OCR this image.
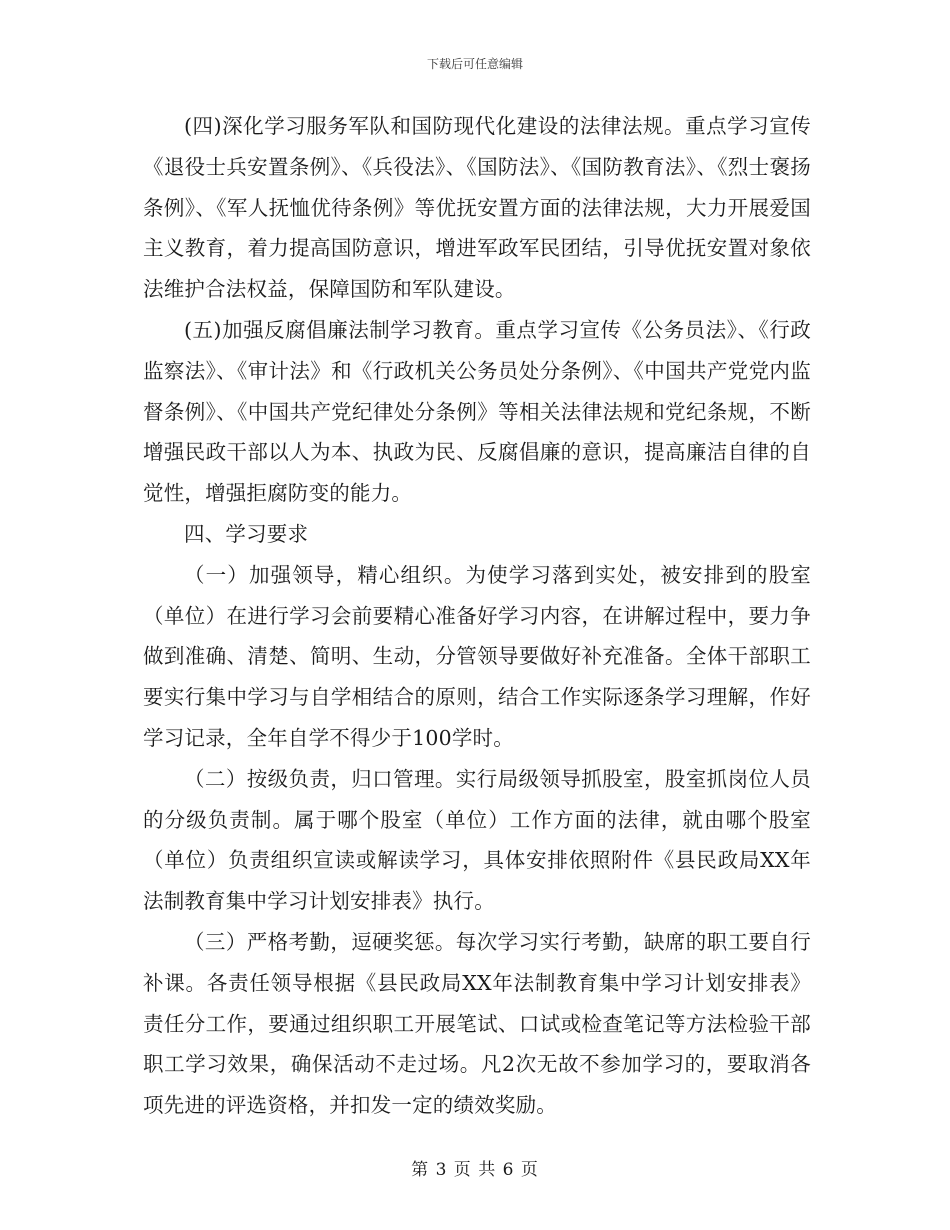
下载后可任意编辑

(四)深化学习服务军队和国防现代化建设的法律法规。重点学习宣传《退役士兵安置条例》、《兵役法》、《国防法》、《国防教育法》、《烈士褒扬条例》、《军人抚恤优待条例》等优抚安置方面的法律法规，大力开展爱国主义教育，着力提高国防意识，增进军政军民团结，引导优抚安置对象依法维护合法权益，保障国防和军队建设。

(五)加强反腐倡廉法制学习教育。重点学习宣传《公务员法》、《行政监察法》、《审计法》和《行政机关公务员处分条例》、《中国共产党党内监督条例》、《中国共产党纪律处分条例》等相关法律法规和党纪条规，不断增强民政干部以人为本、执政为民、反腐倡廉的意识，提高廉洁自律的自觉性，增强拒腐防变的能力。

四、学习要求

（一）加强领导，精心组织。为使学习落到实处，被安排到的股室（单位）在进行学习会前要精心准备好学习内容，在讲解过程中，要力争做到准确、清楚、简明、生动，分管领导要做好补充准备。全体干部职工要实行集中学习与自学相结合的原则，结合工作实际逐条学习理解，作好学习记录，全年自学不得少于100学时。

（二）按级负责，归口管理。实行局级领导抓股室，股室抓岗位人员的分级负责制。属于哪个股室（单位）工作方面的法律，就由哪个股室（单位）负责组织宣读或解读学习，具体安排依照附件《县民政局XX年法制教育集中学习计划安排表》执行。

（三）严格考勤，逗硬奖惩。每次学习实行考勤，缺席的职工要自行补课。各责任领导根据《县民政局XX年法制教育集中学习计划安排表》责任分工作，要通过组织职工开展笔试、口试或检查笔记等方法检验干部职工学习效果，确保活动不走过场。凡2次无故不参加学习的，要取消各项先进的评选资格，并扣发一定的绩效奖励。

第 3 页 共 6 页
